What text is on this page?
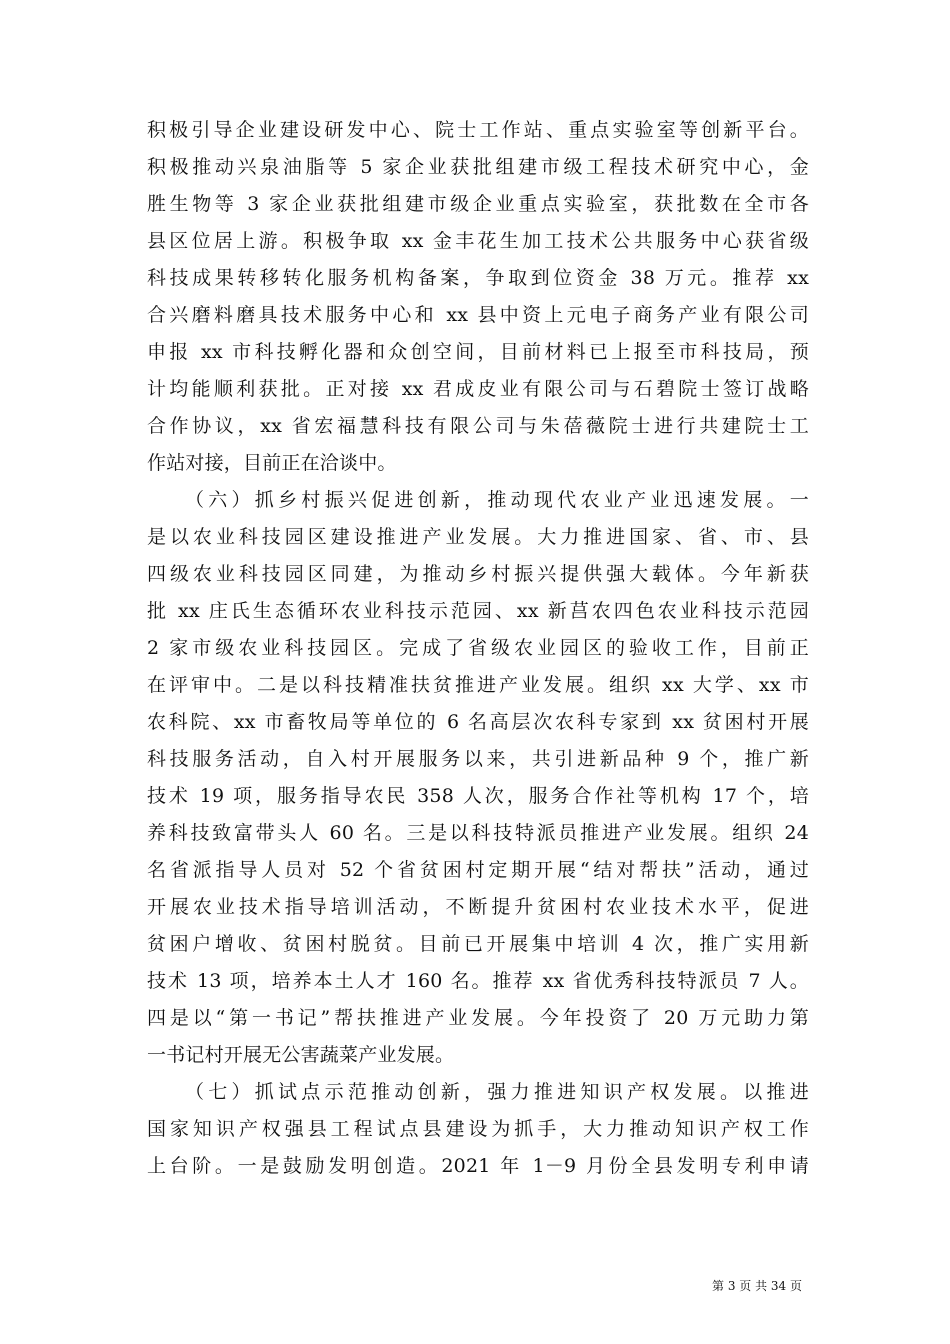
积极引导企业建设研发中心、院士工作站、重点实验室等创新平台。
积极推动兴泉油脂等 5 家企业获批组建市级工程技术研究中心，金
胜生物等 3 家企业获批组建市级企业重点实验室，获批数在全市各
县区位居上游。积极争取 xx 金丰花生加工技术公共服务中心获省级
科技成果转移转化服务机构备案，争取到位资金 38 万元。推荐 xx
合兴磨料磨具技术服务中心和 xx 县中资上元电子商务产业有限公司
申报 xx 市科技孵化器和众创空间，目前材料已上报至市科技局，预
计均能顺利获批。正对接 xx 君成皮业有限公司与石碧院士签订战略
合作协议，xx 省宏福慧科技有限公司与朱蓓薇院士进行共建院士工
作站对接，目前正在洽谈中。
（六）抓乡村振兴促进创新，推动现代农业产业迅速发展。一
是以农业科技园区建设推进产业发展。大力推进国家、省、市、县
四级农业科技园区同建，为推动乡村振兴提供强大载体。今年新获
批 xx 庄氏生态循环农业科技示范园、xx 新莒农四色农业科技示范园
2 家市级农业科技园区。完成了省级农业园区的验收工作，目前正
在评审中。二是以科技精准扶贫推进产业发展。组织 xx 大学、xx 市
农科院、xx 市畜牧局等单位的 6 名高层次农科专家到 xx 贫困村开展
科技服务活动，自入村开展服务以来，共引进新品种 9 个，推广新
技术 19 项，服务指导农民 358 人次，服务合作社等机构 17 个，培
养科技致富带头人 60 名。三是以科技特派员推进产业发展。组织 24
名省派指导人员对 52 个省贫困村定期开展“结对帮扶”活动，通过
开展农业技术指导培训活动，不断提升贫困村农业技术水平，促进
贫困户增收、贫困村脱贫。目前已开展集中培训 4 次，推广实用新
技术 13 项，培养本土人才 160 名。推荐 xx 省优秀科技特派员 7 人。
四是以“第一书记”帮扶推进产业发展。今年投资了 20 万元助力第
一书记村开展无公害蔬菜产业发展。
（七）抓试点示范推动创新，强力推进知识产权发展。以推进
国家知识产权强县工程试点县建设为抓手，大力推动知识产权工作
上台阶。一是鼓励发明创造。2021 年 1－9 月份全县发明专利申请
第 3 页 共 34 页
